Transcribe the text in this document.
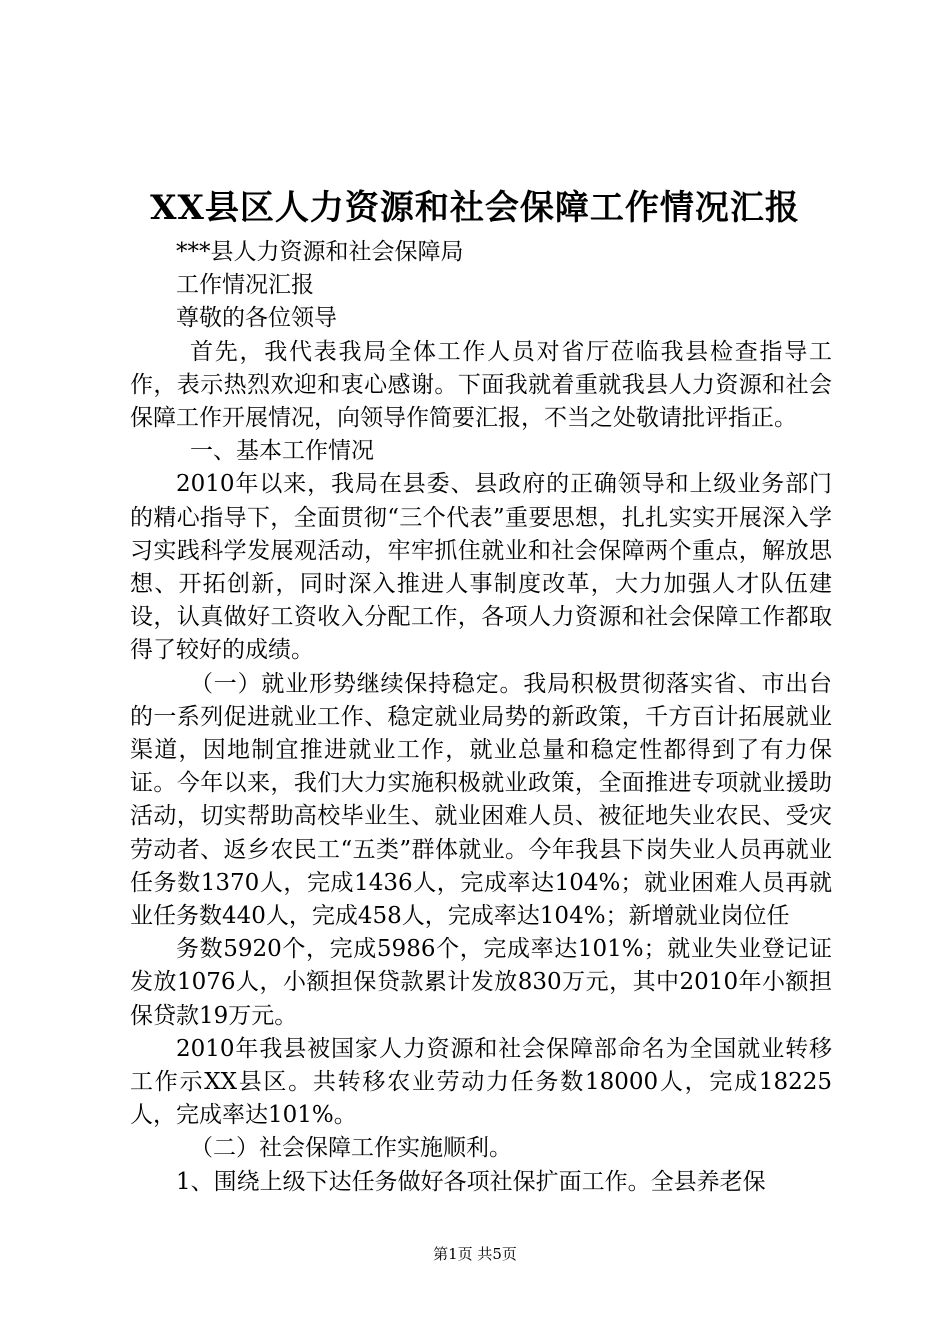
XX县区人力资源和社会保障工作情况汇报

***县人力资源和社会保障局

工作情况汇报

尊敬的各位领导

首先，我代表我局全体工作人员对省厅莅临我县检查指导工作，表示热烈欢迎和衷心感谢。下面我就着重就我县人力资源和社会保障工作开展情况，向领导作简要汇报，不当之处敬请批评指正。

一、基本工作情况

2010年以来，我局在县委、县政府的正确领导和上级业务部门的精心指导下，全面贯彻“三个代表”重要思想，扎扎实实开展深入学习实践科学发展观活动，牢牢抓住就业和社会保障两个重点，解放思想、开拓创新，同时深入推进人事制度改革，大力加强人才队伍建设，认真做好工资收入分配工作，各项人力资源和社会保障工作都取得了较好的成绩。

（一）就业形势继续保持稳定。我局积极贯彻落实省、市出台的一系列促进就业工作、稳定就业局势的新政策，千方百计拓展就业渠道，因地制宜推进就业工作，就业总量和稳定性都得到了有力保证。今年以来，我们大力实施积极就业政策，全面推进专项就业援助活动，切实帮助高校毕业生、就业困难人员、被征地失业农民、受灾劳动者、返乡农民工“五类”群体就业。今年我县下岗失业人员再就业任务数1370人，完成1436人，完成率达104%；就业困难人员再就业任务数440人，完成458人，完成率达104%；新增就业岗位任

务数5920个，完成5986个，完成率达101%；就业失业登记证发放1076人，小额担保贷款累计发放830万元，其中2010年小额担保贷款19万元。

2010年我县被国家人力资源和社会保障部命名为全国就业转移工作示XX县区。共转移农业劳动力任务数18000人，完成18225人，完成率达101%。

（二）社会保障工作实施顺利。

1、围绕上级下达任务做好各项社保扩面工作。全县养老保

第1页 共5页
